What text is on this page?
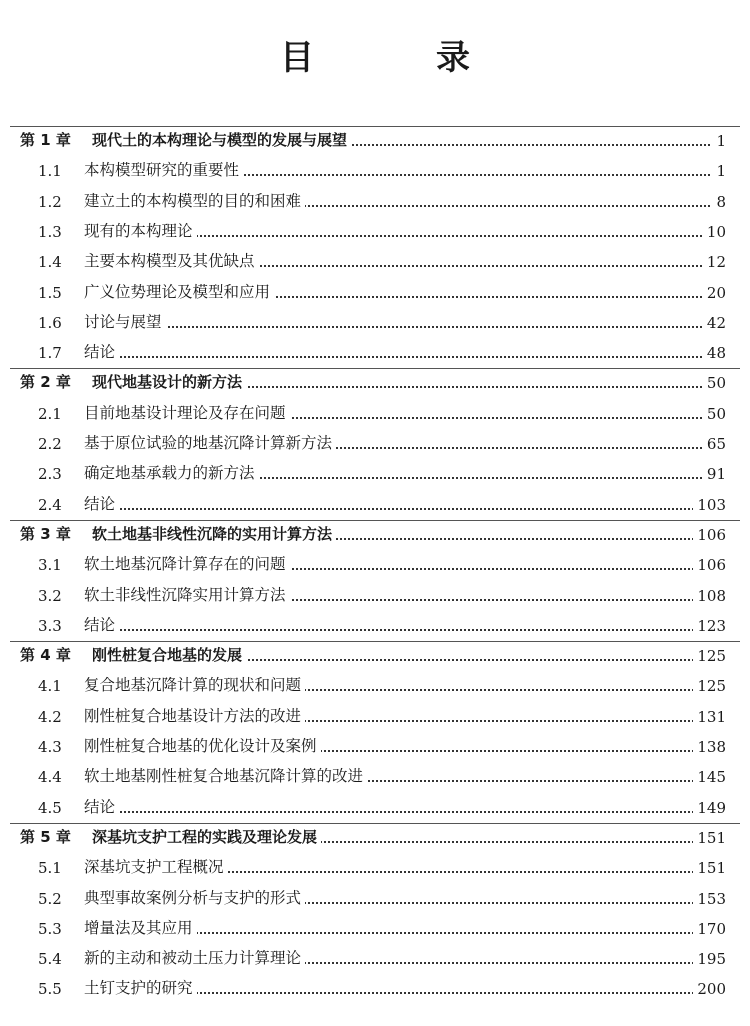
目　录
第 1 章 现代土的本构理论与模型的发展与展望	1
1.1 本构模型研究的重要性	1
1.2 建立土的本构模型的目的和困难	8
1.3 现有的本构理论	10
1.4 主要本构模型及其优缺点	12
1.5 广义位势理论及模型和应用	20
1.6 讨论与展望	42
1.7 结论	48
第 2 章 现代地基设计的新方法	50
2.1 目前地基设计理论及存在问题	50
2.2 基于原位试验的地基沉降计算新方法	65
2.3 确定地基承载力的新方法	91
2.4 结论	103
第 3 章 软土地基非线性沉降的实用计算方法	106
3.1 软土地基沉降计算存在的问题	106
3.2 软土非线性沉降实用计算方法	108
3.3 结论	123
第 4 章 刚性桩复合地基的发展	125
4.1 复合地基沉降计算的现状和问题	125
4.2 刚性桩复合地基设计方法的改进	131
4.3 刚性桩复合地基的优化设计及案例	138
4.4 软土地基刚性桩复合地基沉降计算的改进	145
4.5 结论	149
第 5 章 深基坑支护工程的实践及理论发展	151
5.1 深基坑支护工程概况	151
5.2 典型事故案例分析与支护的形式	153
5.3 增量法及其应用	170
5.4 新的主动和被动土压力计算理论	195
5.5 土钉支护的研究	200
